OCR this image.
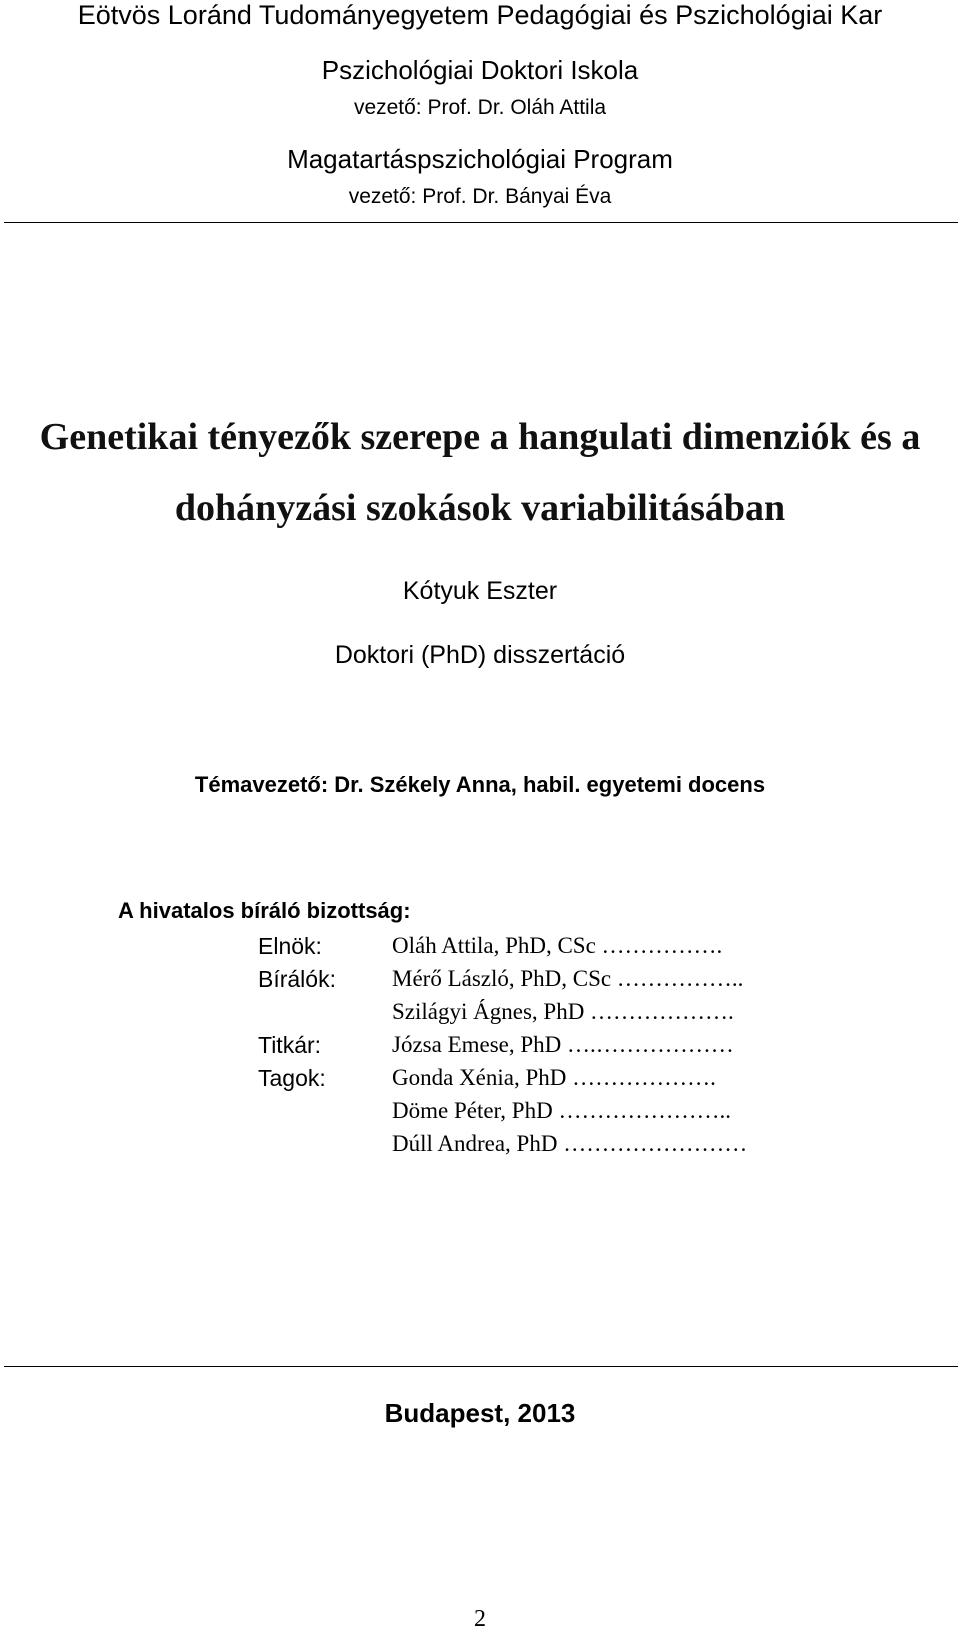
Eötvös Loránd Tudományegyetem Pedagógiai és Pszichológiai Kar
Pszichológiai Doktori Iskola
vezető: Prof. Dr. Oláh Attila
Magatartáspszichológiai Program
vezető: Prof. Dr. Bányai Éva
Genetikai tényezők szerepe a hangulati dimenziók és a
dohányzási szokások variabilitásában
Kótyuk Eszter
Doktori (PhD) disszertáció
Témavezető: Dr. Székely Anna, habil. egyetemi docens
A hivatalos bíráló bizottság:
Elnök:	Oláh Attila, PhD, CSc …………….
Bírálók: Mérő László, PhD, CSc ……………..
Szilágyi Ágnes, PhD ……………….
Titkár:	Józsa Emese, PhD ….………………
Tagok:	Gonda Xénia, PhD ……………….
Döme Péter, PhD …………………..
Dúll Andrea, PhD ……………………
Budapest, 2013
2
